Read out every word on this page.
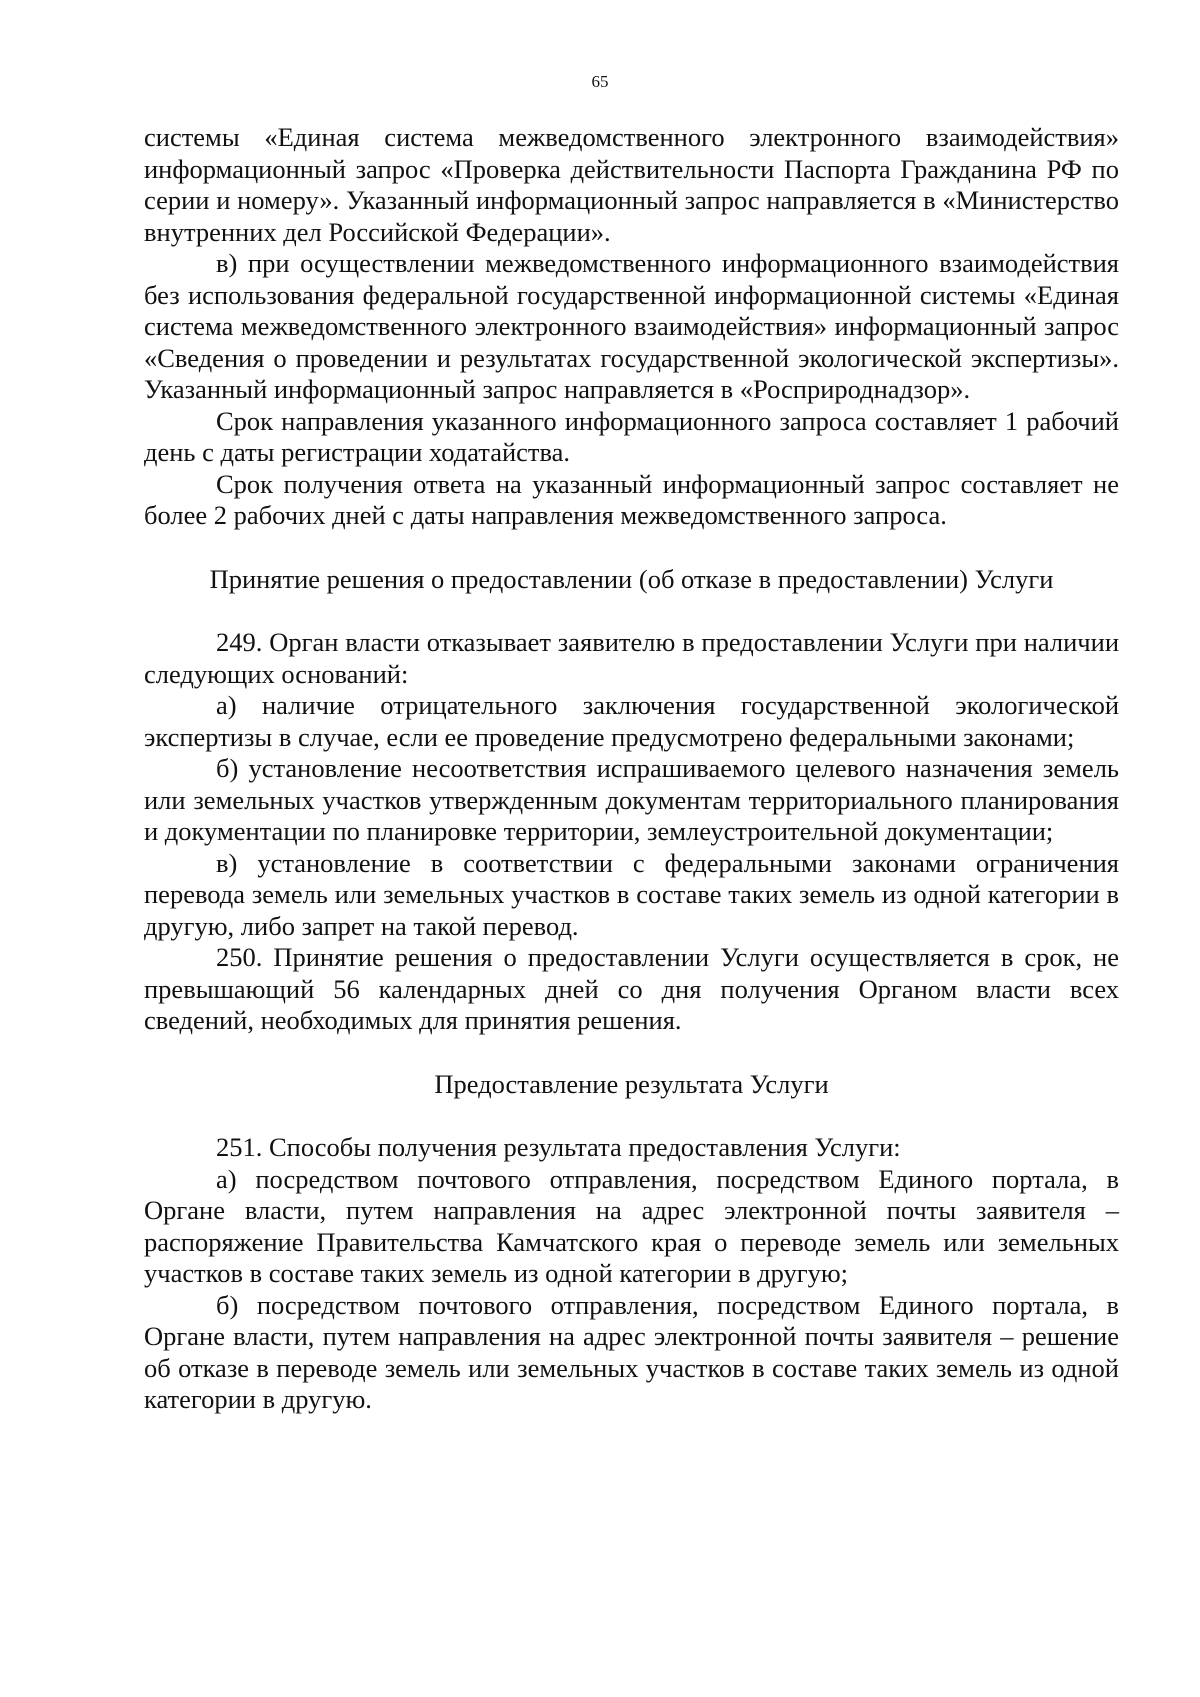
65

системы «Единая система межведомственного электронного взаимодействия» информационный запрос «Проверка действительности Паспорта Гражданина РФ по серии и номеру». Указанный информационный запрос направляется в «Министерство внутренних дел Российской Федерации».

в) при осуществлении межведомственного информационного взаимодействия без использования федеральной государственной информационной системы «Единая система межведомственного электронного взаимодействия» информационный запрос «Сведения о проведении и результатах государственной экологической экспертизы». Указанный информационный запрос направляется в «Росприроднадзор».

Срок направления указанного информационного запроса составляет 1 рабочий день с даты регистрации ходатайства.

Срок получения ответа на указанный информационный запрос составляет не более 2 рабочих дней с даты направления межведомственного запроса.

Принятие решения о предоставлении (об отказе в предоставлении) Услуги

249. Орган власти отказывает заявителю в предоставлении Услуги при наличии следующих оснований:

а) наличие отрицательного заключения государственной экологической экспертизы в случае, если ее проведение предусмотрено федеральными законами;

б) установление несоответствия испрашиваемого целевого назначения земель или земельных участков утвержденным документам территориального планирования и документации по планировке территории, землеустроительной документации;

в) установление в соответствии с федеральными законами ограничения перевода земель или земельных участков в составе таких земель из одной категории в другую, либо запрет на такой перевод.

250. Принятие решения о предоставлении Услуги осуществляется в срок, не превышающий 56 календарных дней со дня получения Органом власти всех сведений, необходимых для принятия решения.

Предоставление результата Услуги

251. Способы получения результата предоставления Услуги:

а) посредством почтового отправления, посредством Единого портала, в Органе власти, путем направления на адрес электронной почты заявителя – распоряжение Правительства Камчатского края о переводе земель или земельных участков в составе таких земель из одной категории в другую;

б) посредством почтового отправления, посредством Единого портала, в Органе власти, путем направления на адрес электронной почты заявителя – решение об отказе в переводе земель или земельных участков в составе таких земель из одной категории в другую.
